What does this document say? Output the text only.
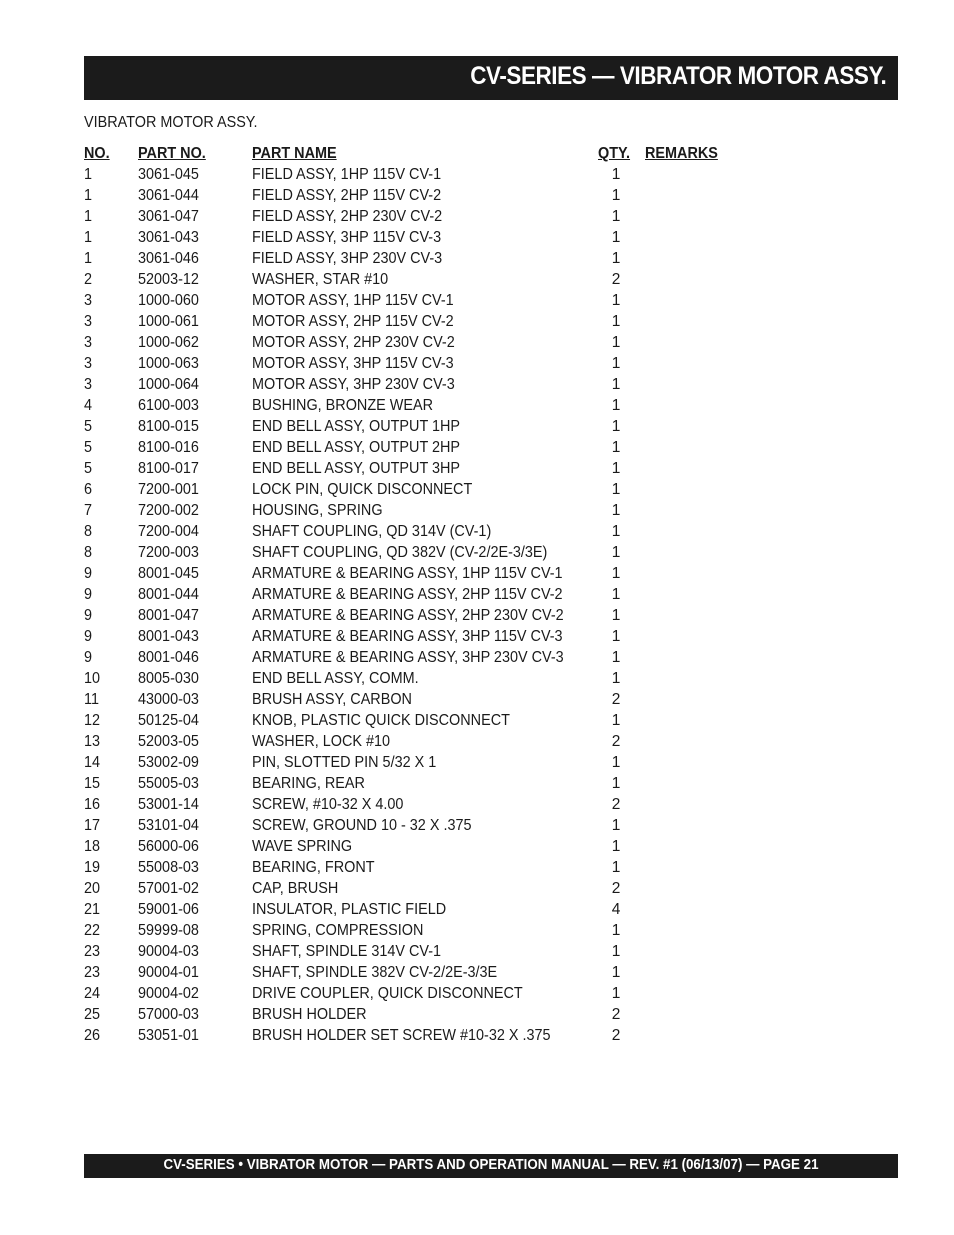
CV-SERIES — VIBRATOR MOTOR ASSY.
VIBRATOR MOTOR ASSY.
NO. PART NO.	PART NAME	QTY. REMARKS
1	3061-045	FIELD ASSY, 1HP 115V CV-1	1
1	3061-044	FIELD ASSY, 2HP 115V CV-2	1
1	3061-047	FIELD ASSY, 2HP 230V CV-2	1
1	3061-043	FIELD ASSY, 3HP 115V CV-3	1
1	3061-046	FIELD ASSY, 3HP 230V CV-3	1
2	52003-12	WASHER, STAR #10	2
3	1000-060	MOTOR ASSY, 1HP 115V CV-1	1
3	1000-061	MOTOR ASSY, 2HP 115V CV-2	1
3	1000-062	MOTOR ASSY, 2HP 230V CV-2	1
3	1000-063	MOTOR ASSY, 3HP 115V CV-3	1
3	1000-064	MOTOR ASSY, 3HP 230V CV-3	1
4	6100-003	BUSHING, BRONZE WEAR	1
5	8100-015	END BELL ASSY, OUTPUT 1HP	1
5	8100-016	END BELL ASSY, OUTPUT 2HP	1
5	8100-017	END BELL ASSY, OUTPUT 3HP	1
6	7200-001	LOCK PIN, QUICK DISCONNECT	1
7	7200-002	HOUSING, SPRING	1
8	7200-004	SHAFT COUPLING, QD 314V (CV-1)	1
8	7200-003	SHAFT COUPLING, QD 382V (CV-2/2E-3/3E)	1
9	8001-045	ARMATURE & BEARING ASSY, 1HP 115V CV-1	1
9	8001-044	ARMATURE & BEARING ASSY, 2HP 115V CV-2	1
9	8001-047	ARMATURE & BEARING ASSY, 2HP 230V CV-2	1
9	8001-043	ARMATURE & BEARING ASSY, 3HP 115V CV-3	1
9	8001-046	ARMATURE & BEARING ASSY, 3HP 230V CV-3	1
10 8005-030	END BELL ASSY, COMM.	1
11	43000-03	BRUSH ASSY, CARBON	2
12 50125-04	KNOB, PLASTIC QUICK DISCONNECT	1
13 52003-05	WASHER, LOCK #10	2
14 53002-09	PIN, SLOTTED PIN 5/32 X 1	1
15 55005-03	BEARING, REAR	1
16 53001-14	SCREW, #10-32 X 4.00	2
17 53101-04	SCREW, GROUND 10 - 32 X .375	1
18 56000-06	WAVE SPRING	1
19 55008-03	BEARING, FRONT	1
20 57001-02	CAP, BRUSH	2
21 59001-06	INSULATOR, PLASTIC FIELD	4
22 59999-08	SPRING, COMPRESSION	1
23 90004-03	SHAFT, SPINDLE 314V CV-1	1
23 90004-01	SHAFT, SPINDLE 382V CV-2/2E-3/3E	1
24 90004-02	DRIVE COUPLER, QUICK DISCONNECT	1
25 57000-03	BRUSH HOLDER	2
26 53051-01	BRUSH HOLDER SET SCREW #10-32 X .375	2
CV-SERIES • VIBRATOR MOTOR — PARTS AND OPERATION MANUAL — REV. #1 (06/13/07) — PAGE 21
